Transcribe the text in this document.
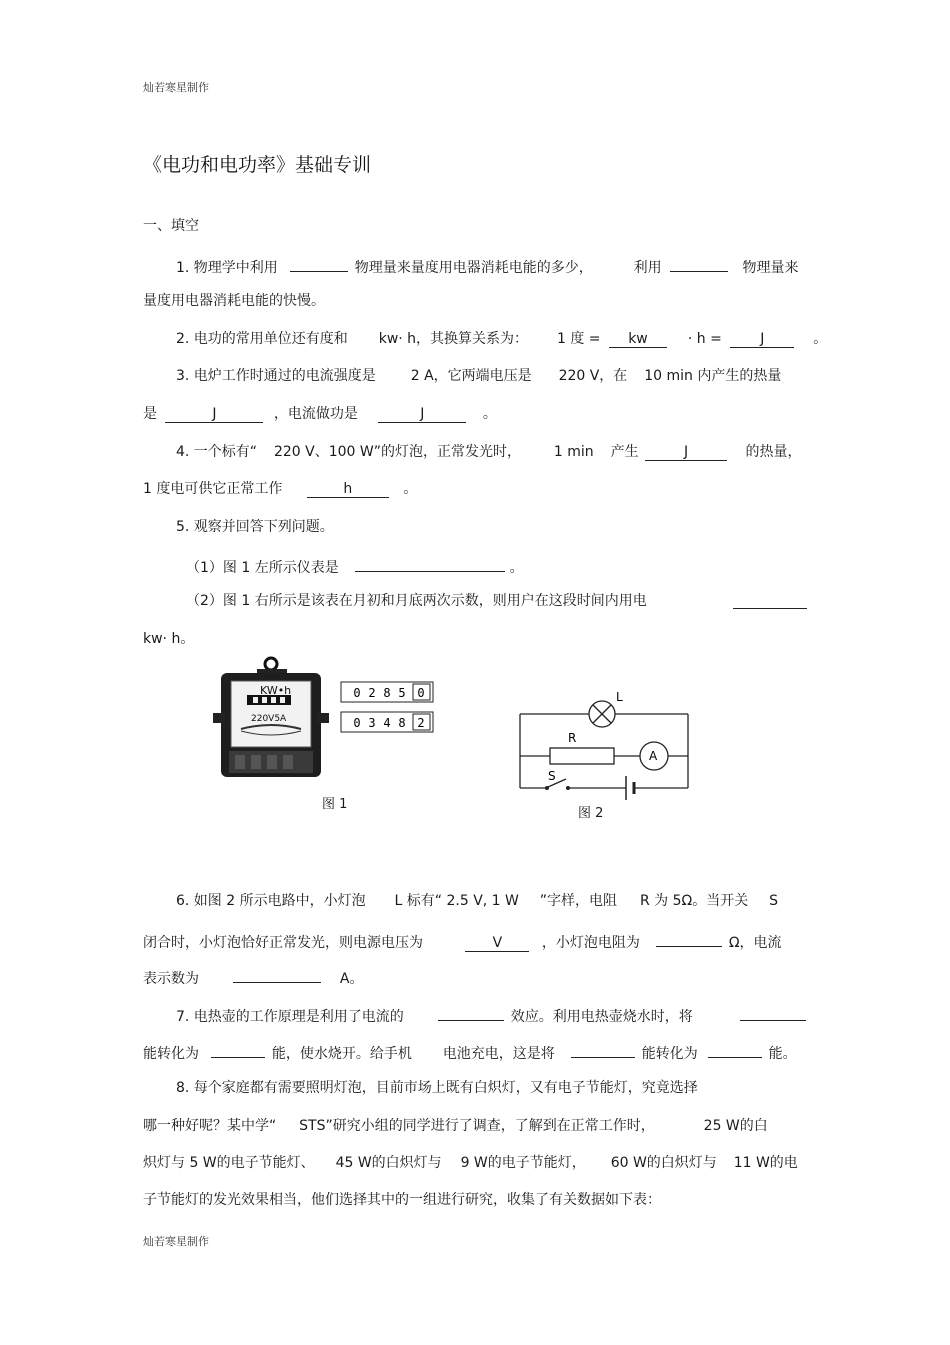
灿若寒星制作
灿若寒星制作
《电功和电功率》基础专训
一、填空
1. 物理学中利用	物理量来量度用电器消耗电能的多少，	利用	物理量来
量度用电器消耗电能的快慢。
2. 电功的常用单位还有度和 kw· h，其换算关系为： 1 度 = kw	· h =	J	。
3. 电炉工作时通过的电流强度是 2 A，它两端电压是 220 V，在 10 min 内产生的热量
是	J	，电流做功是	J	。
4. 一个标有“ 220 V、100 W”的灯泡，正常发光时， 1 min 产生	J	的热量，
1 度电可供它正常工作	h	。
5. 观察并回答下列问题。
（1）图 1 左所示仪表是	。
（2）图 1 右所示是该表在月初和月底两次示数，则用户在这段时间内用电
kw· h。
KW•h
220V5A
0 2 8 5 0
0 3 4 8 2
图 1
L
R
A
S
图 2
6. 如图 2 所示电路中，小灯泡 L 标有“ 2.5 V, 1 W ”字样，电阻 R 为 5Ω。当开关 S
闭合时，小灯泡恰好正常发光，则电源电压为	V	，小灯泡电阻为	Ω，电流
表示数为	A。
7. 电热壶的工作原理是利用了电流的	效应。利用电热壶烧水时，将
能转化为	能，使水烧开。给手机 电池充电，这是将	能转化为	能。
8. 每个家庭都有需要照明灯泡，目前市场上既有白炽灯，又有电子节能灯，究竟选择
哪一种好呢？某中学“ STS”研究小组的同学进行了调查，了解到在正常工作时，	25 W的白
炽灯与 5 W的电子节能灯、 45 W的白炽灯与 9 W的电子节能灯， 60 W的白炽灯与 11 W的电
子节能灯的发光效果相当，他们选择其中的一组进行研究，收集了有关数据如下表：
